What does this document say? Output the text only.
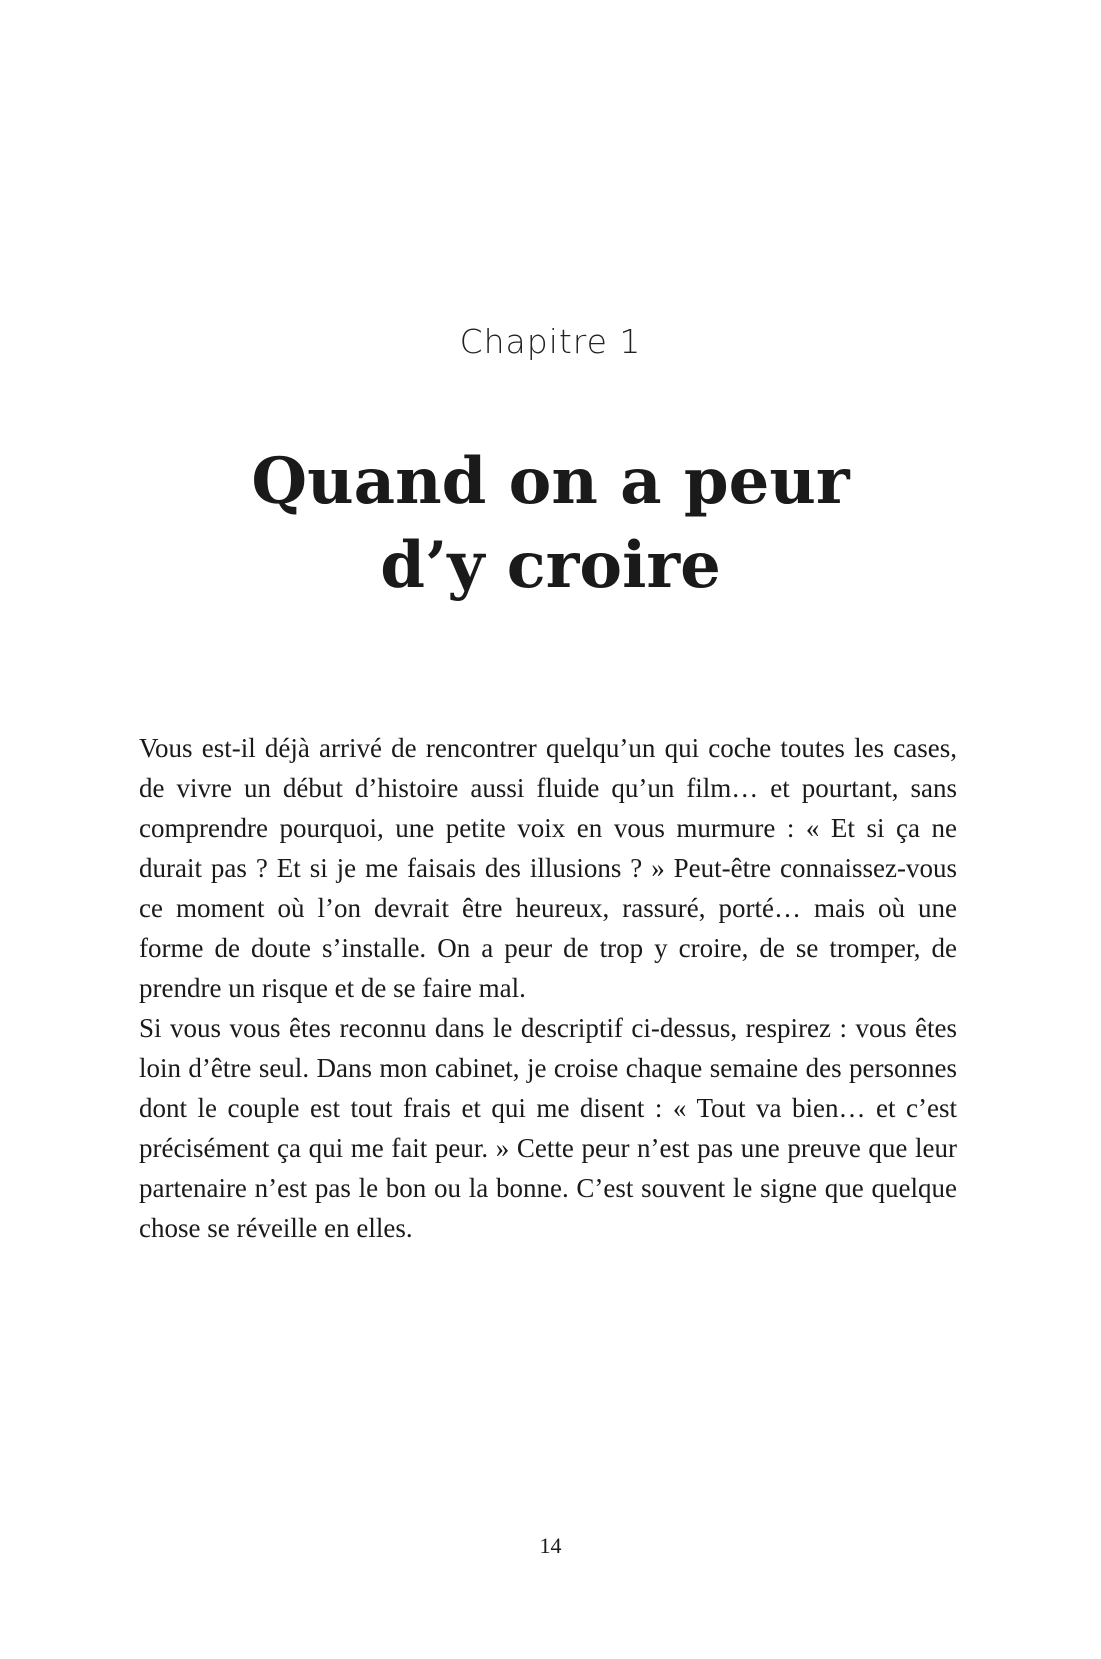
Chapitre 1
Quand on a peur
d’y croire

Vous est-il déjà arrivé de rencontrer quelqu’un qui coche toutes les cases, de vivre un début d’histoire aussi fluide qu’un film… et pourtant, sans comprendre pourquoi, une petite voix en vous murmure : « Et si ça ne durait pas ? Et si je me faisais des illusions ? » Peut-être connaissez-vous ce moment où l’on devrait être heureux, rassuré, porté… mais où une forme de doute s’installe. On a peur de trop y croire, de se tromper, de prendre un risque et de se faire mal.

Si vous vous êtes reconnu dans le descriptif ci-dessus, respirez : vous êtes loin d’être seul. Dans mon cabinet, je croise chaque semaine des personnes dont le couple est tout frais et qui me disent : « Tout va bien… et c’est précisément ça qui me fait peur. » Cette peur n’est pas une preuve que leur partenaire n’est pas le bon ou la bonne. C’est souvent le signe que quelque chose se réveille en elles.

14
